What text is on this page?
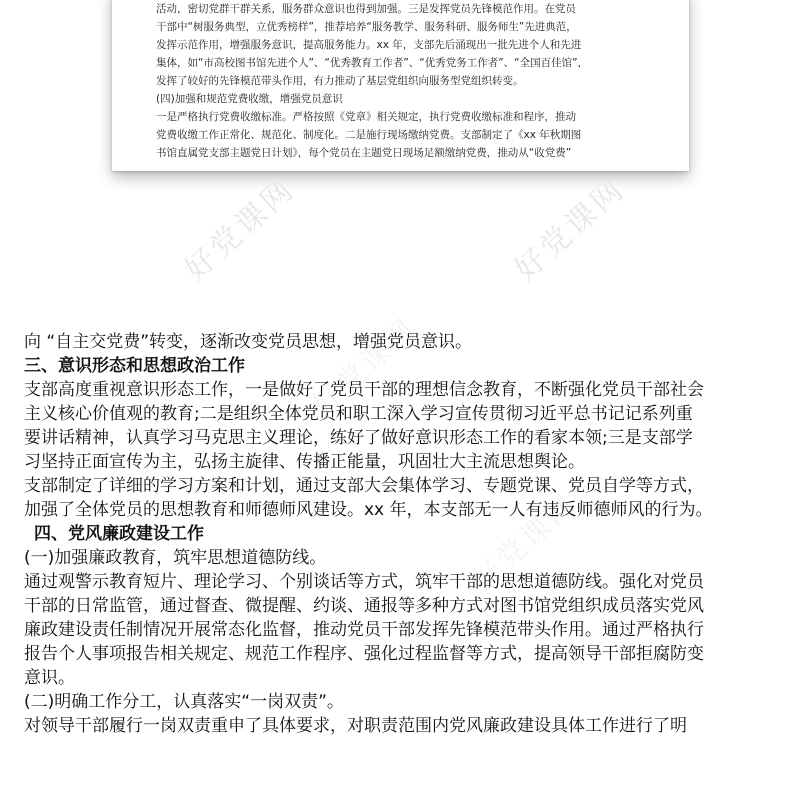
活动，密切党群干群关系，服务群众意识也得到加强。三是发挥党员先锋模范作用。在党员

干部中“树服务典型，立优秀榜样”，推荐培养“服务教学、服务科研、服务师生”先进典范，

发挥示范作用，增强服务意识，提高服务能力。xx 年，支部先后涌现出一批先进个人和先进

集体，如“市高校图书馆先进个人”、“优秀教育工作者”、“优秀党务工作者”、“全国百佳馆”，

发挥了较好的先锋模范带头作用，有力推动了基层党组织向服务型党组织转变。

(四)加强和规范党费收缴，增强党员意识

一是严格执行党费收缴标准。严格按照《党章》相关规定，执行党费收缴标准和程序，推动

党费收缴工作正常化、规范化、制度化。二是施行现场缴纳党费。支部制定了《xx 年秋期图

书馆直属党支部主题党日计划》，每个党员在主题党日现场足额缴纳党费，推动从“收党费”

好党课网	好党课网
好党课网
好党课网

向 “自主交党费”转变，逐渐改变党员思想，增强党员意识。

三、意识形态和思想政治工作

支部高度重视意识形态工作，一是做好了党员干部的理想信念教育，不断强化党员干部社会

主义核心价值观的教育;二是组织全体党员和职工深入学习宣传贯彻习近平总书记记系列重

要讲话精神，认真学习马克思主义理论，练好了做好意识形态工作的看家本领;三是支部学

习坚持正面宣传为主，弘扬主旋律、传播正能量，巩固壮大主流思想舆论。

支部制定了详细的学习方案和计划，通过支部大会集体学习、专题党课、党员自学等方式，

加强了全体党员的思想教育和师德师风建设。xx 年，本支部无一人有违反师德师风的行为。

四、党风廉政建设工作

(一)加强廉政教育，筑牢思想道德防线。

通过观警示教育短片、理论学习、个别谈话等方式，筑牢干部的思想道德防线。强化对党员

干部的日常监管，通过督查、微提醒、约谈、通报等多种方式对图书馆党组织成员落实党风

廉政建设责任制情况开展常态化监督，推动党员干部发挥先锋模范带头作用。通过严格执行

报告个人事项报告相关规定、规范工作程序、强化过程监督等方式，提高领导干部拒腐防变

意识。

(二)明确工作分工，认真落实“一岗双责”。

对领导干部履行一岗双责重申了具体要求，对职责范围内党风廉政建设具体工作进行了明
